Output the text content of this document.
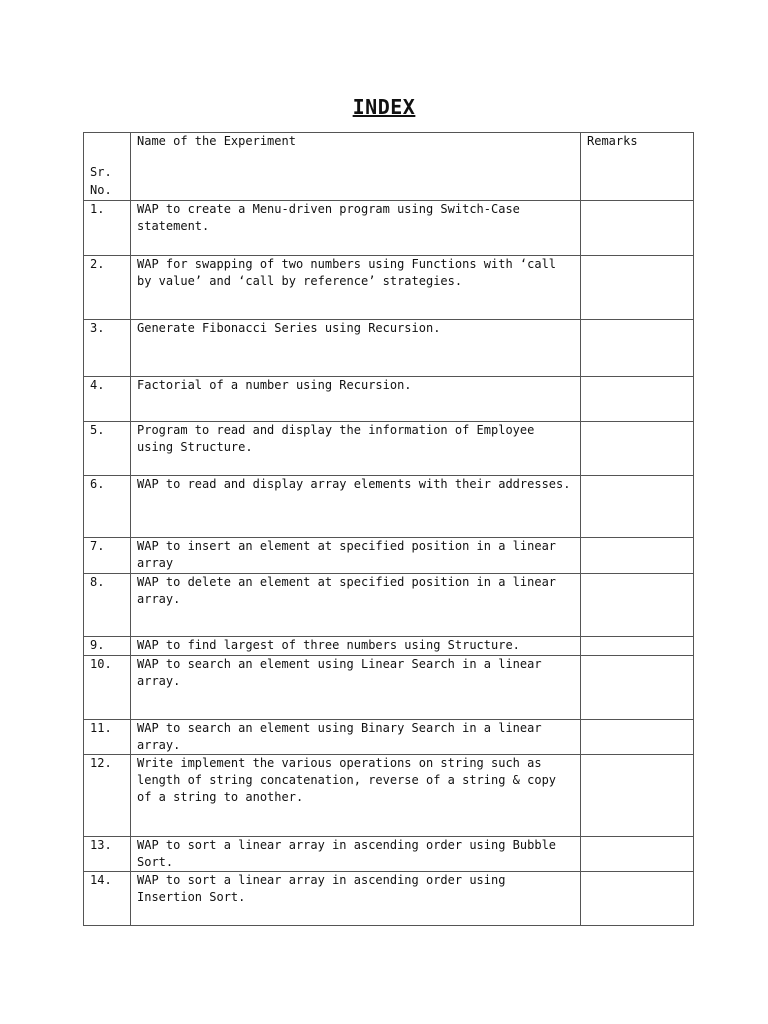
INDEX
Sr. No.	Name of the Experiment	Remarks
1.	WAP to create a Menu-driven program using Switch-Case statement.	
2.	WAP for swapping of two numbers using Functions with ‘call by value’ and ‘call by reference’ strategies.	
3.	Generate Fibonacci Series using Recursion.	
4.	Factorial of a number using Recursion.	
5.	Program to read and display the information of Employee using Structure.	
6.	WAP to read and display array elements with their addresses.	
7.	WAP to insert an element at specified position in a linear array	
8.	WAP to delete an element at specified position in a linear array.	
9.	WAP to find largest of three numbers using Structure.	
10.	WAP to search an element using Linear Search in a linear array.	
11.	WAP to search an element using Binary Search in a linear array.	
12.	Write implement the various operations on string such as length of string concatenation, reverse of a string & copy of a string to another.	
13.	WAP to sort a linear array in ascending order using Bubble Sort.	
14.	WAP to sort a linear array in ascending order using Insertion Sort.	
